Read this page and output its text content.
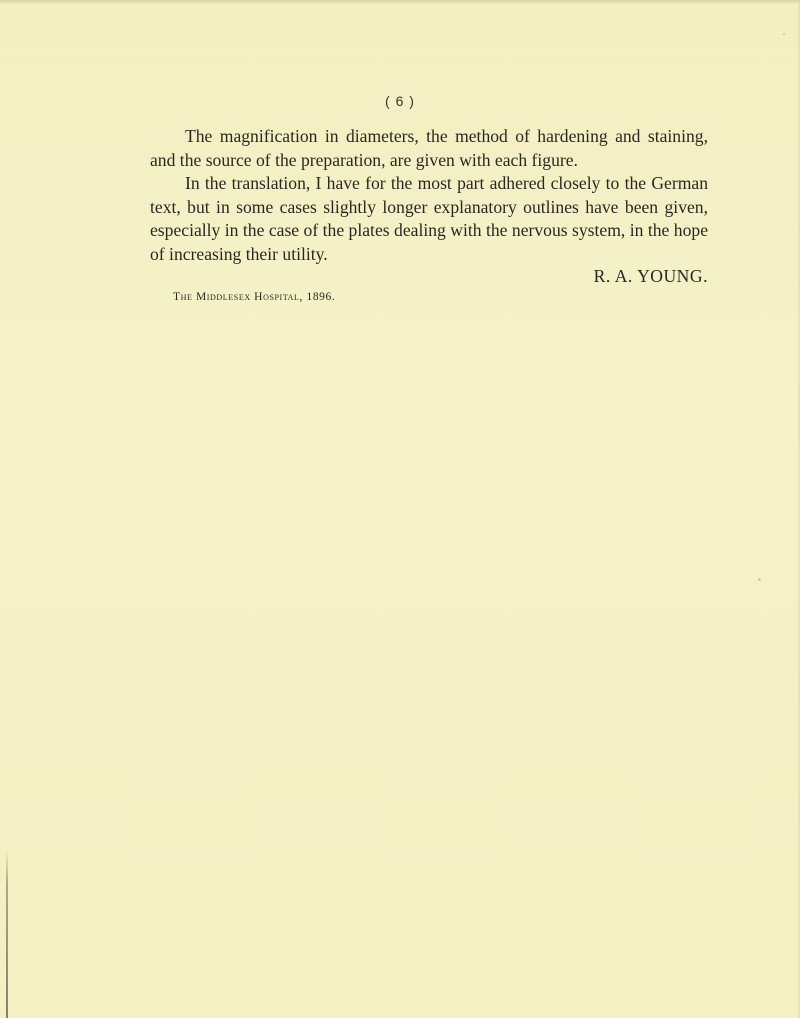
( 6 )

The magnification in diameters, the method of hardening and staining, and the source of the preparation, are given with each figure.

In the translation, I have for the most part adhered closely to the German text, but in some cases slightly longer explanatory outlines have been given, especially in the case of the plates dealing with the nervous system, in the hope of increasing their utility.

R. A. YOUNG.
The Middlesex Hospital, 1896.
